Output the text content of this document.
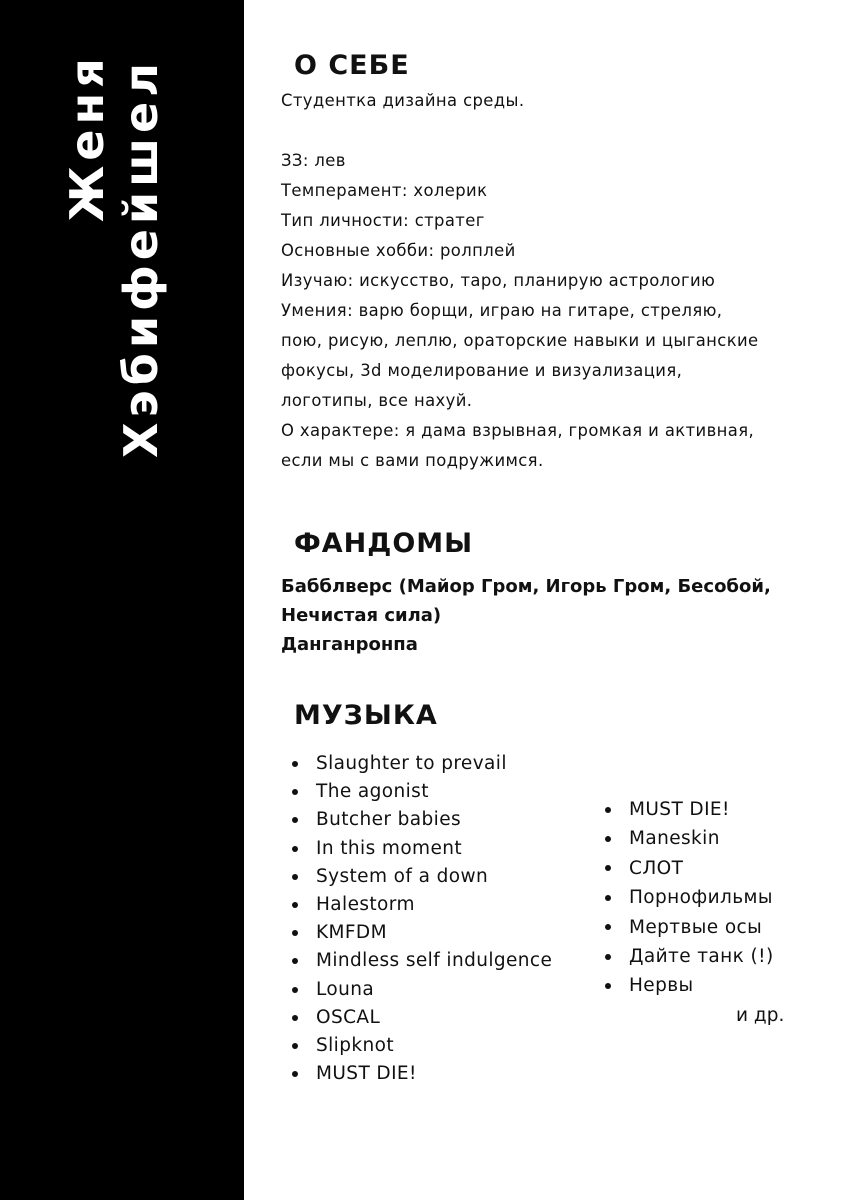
Женя Хэбифейшел	О СЕБЕ
Студентка дизайна среды.
ЗЗ: лев
Темперамент: холерик
Тип личности: стратег
Основные хобби: ролплей
Изучаю: искусство, таро, планирую астрологию
Умения: варю борщи, играю на гитаре, стреляю,
пою, рисую, леплю, ораторские навыки и цыганские
фокусы, 3d моделирование и визуализация,
логотипы, все нахуй.
О характере: я дама взрывная, громкая и активная,
если мы с вами подружимся.
ФАНДОМЫ
Бабблверс (Майор Гром, Игорь Гром, Бесобой,
Нечистая сила)
Данганронпа
МУЗЫКА
Slaughter to prevail
The agonist
Butcher babies
In this moment
System of a down
Halestorm
KMFDM
Mindless self indulgence
Louna
OSCAL
Slipknot
MUST DIE!
MUST DIE!
Maneskin
СЛОТ
Порнофильмы
Мертвые осы
Дайте танк (!)
Нервы
и др.
